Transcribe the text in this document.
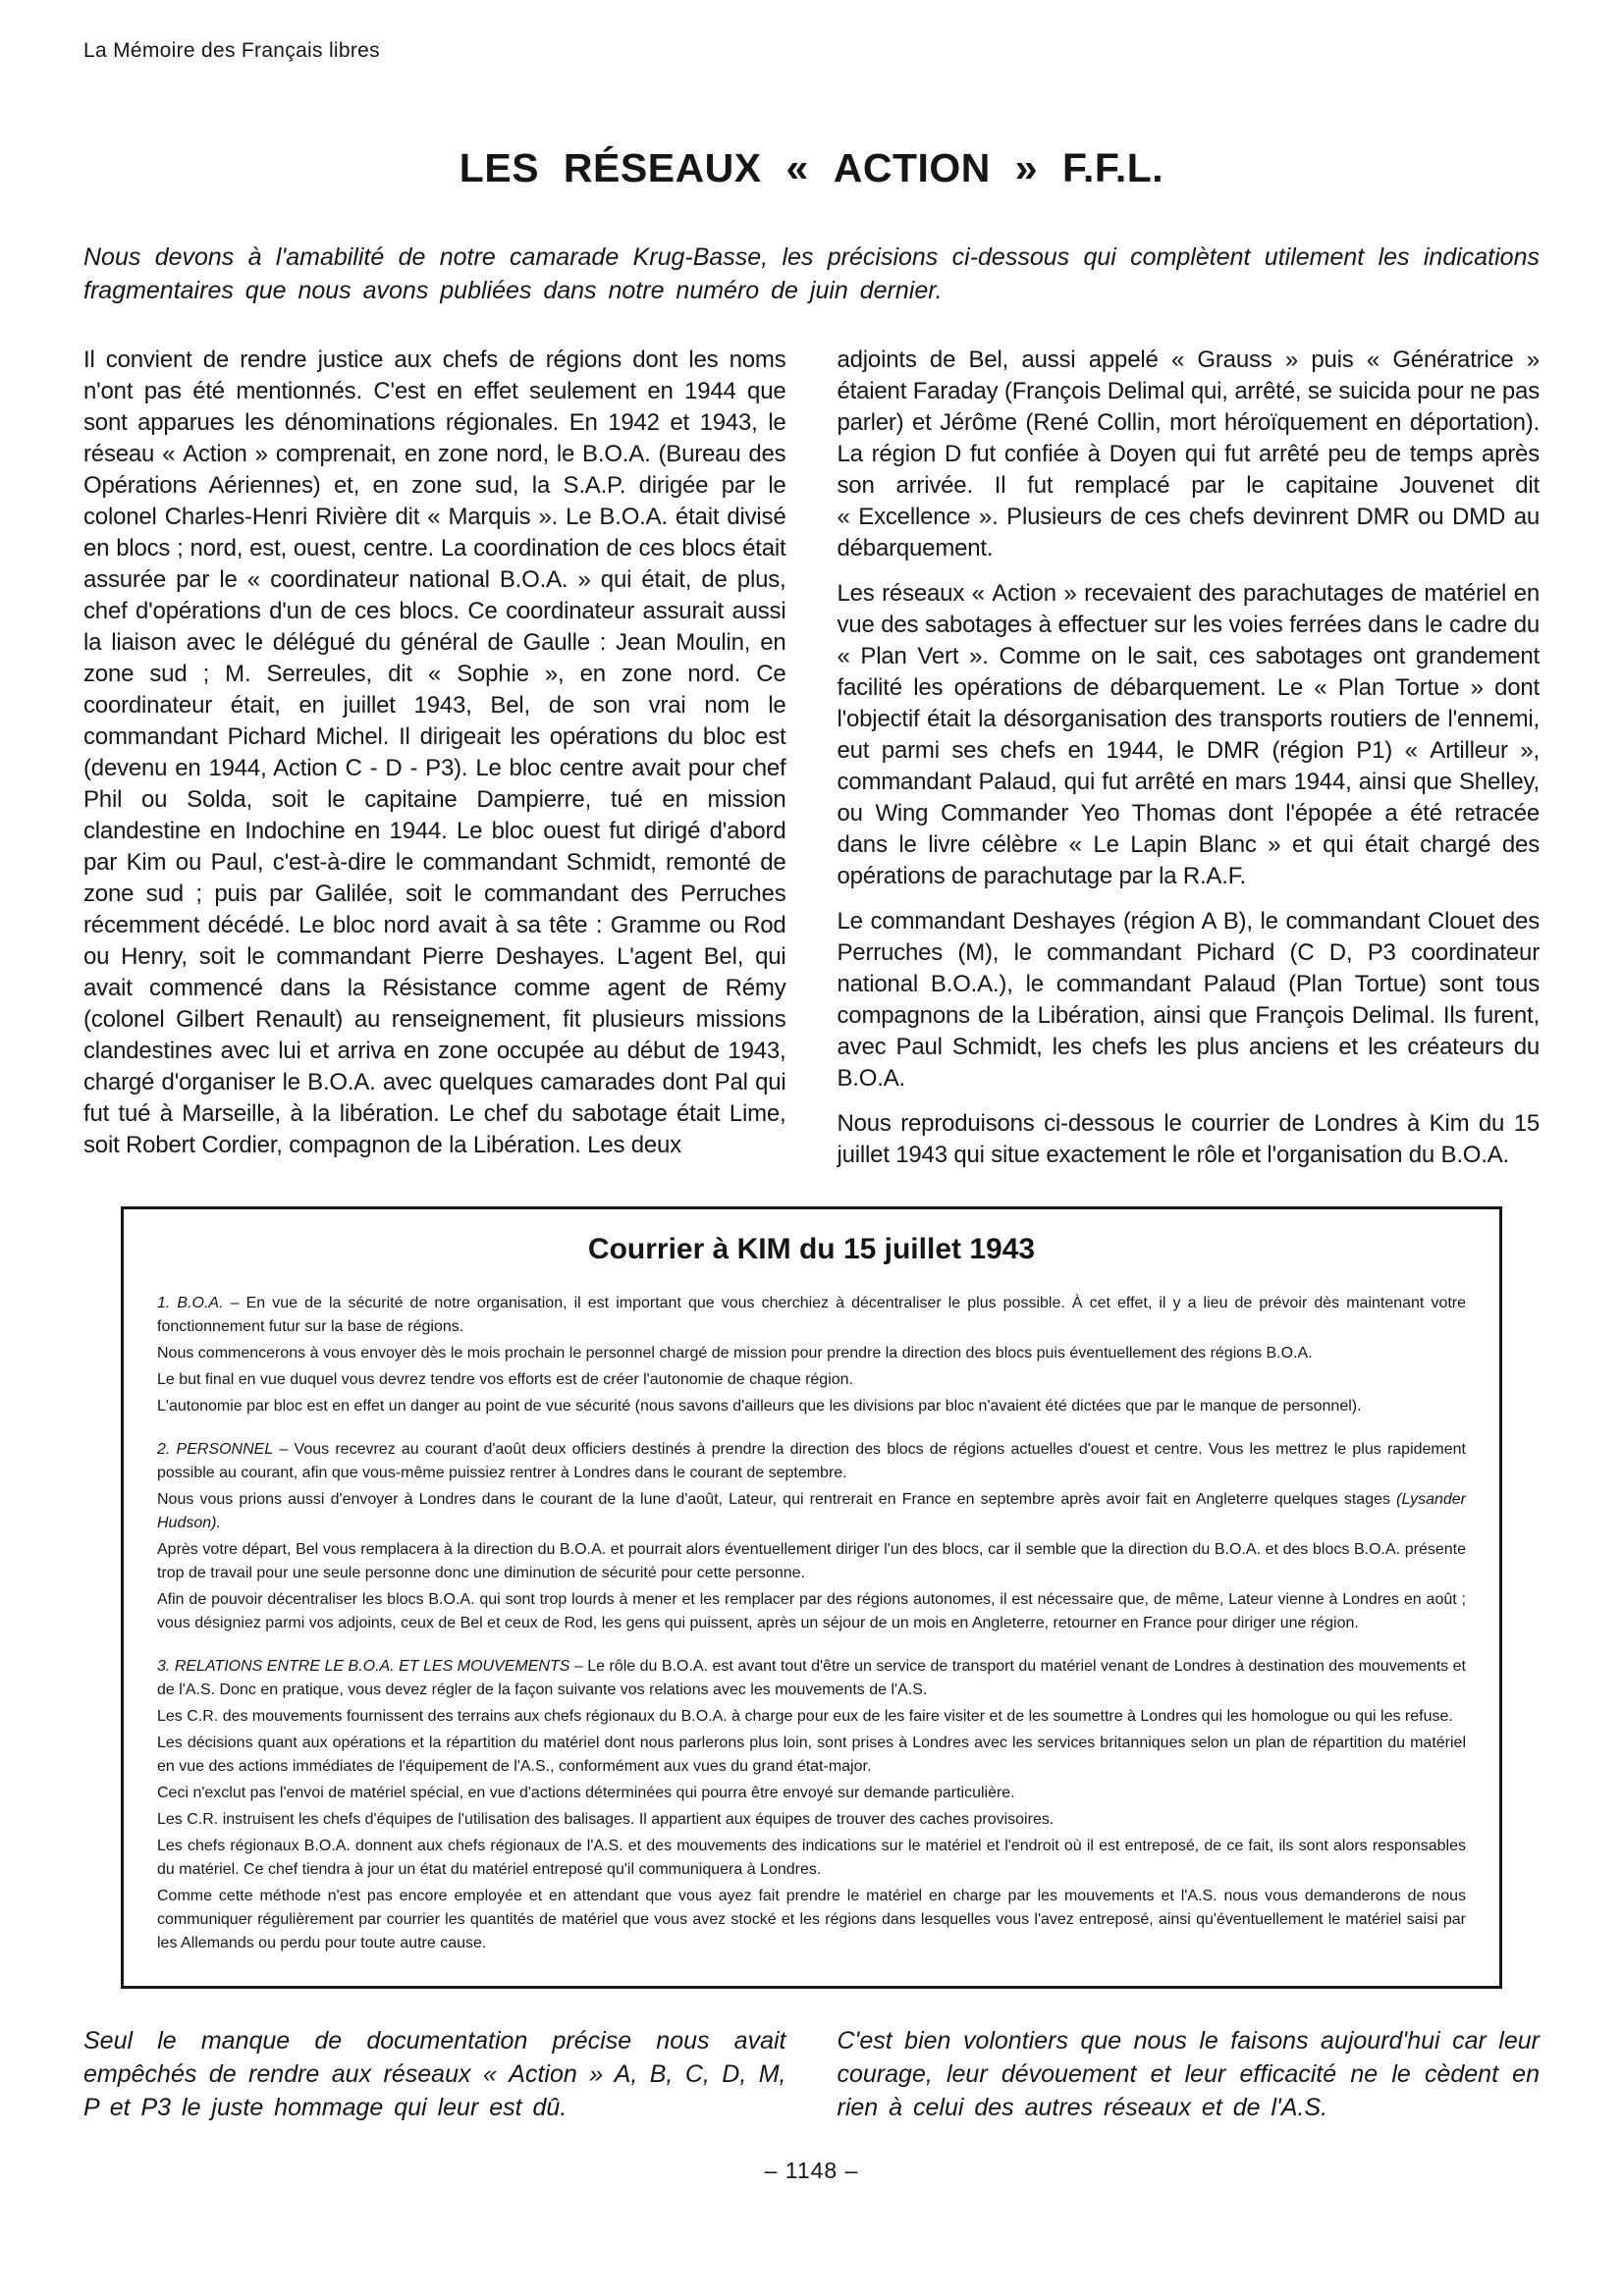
La Mémoire des Français libres
LES RÉSEAUX « ACTION » F.F.L.

Nous devons à l'amabilité de notre camarade Krug-Basse, les précisions ci-dessous qui complètent utilement les indications fragmentaires que nous avons publiées dans notre numéro de juin dernier.

Il convient de rendre justice aux chefs de régions dont les noms n'ont pas été mentionnés. C'est en effet seulement en 1944 que sont apparues les dénominations régionales. En 1942 et 1943, le réseau « Action » comprenait, en zone nord, le B.O.A. (Bureau des Opérations Aériennes) et, en zone sud, la S.A.P. dirigée par le colonel Charles-Henri Rivière dit « Marquis ». Le B.O.A. était divisé en blocs ; nord, est, ouest, centre. La coordination de ces blocs était assurée par le « coordinateur national B.O.A. » qui était, de plus, chef d'opérations d'un de ces blocs. Ce coordinateur assurait aussi la liaison avec le délégué du général de Gaulle : Jean Moulin, en zone sud ; M. Serreules, dit « Sophie », en zone nord. Ce coordinateur était, en juillet 1943, Bel, de son vrai nom le commandant Pichard Michel. Il dirigeait les opérations du bloc est (devenu en 1944, Action C - D - P3). Le bloc centre avait pour chef Phil ou Solda, soit le capitaine Dampierre, tué en mission clandestine en Indochine en 1944. Le bloc ouest fut dirigé d'abord par Kim ou Paul, c'est-à-dire le commandant Schmidt, remonté de zone sud ; puis par Galilée, soit le commandant des Perruches récemment décédé. Le bloc nord avait à sa tête : Gramme ou Rod ou Henry, soit le commandant Pierre Deshayes. L'agent Bel, qui avait commencé dans la Résistance comme agent de Rémy (colonel Gilbert Renault) au renseignement, fit plusieurs missions clandestines avec lui et arriva en zone occupée au début de 1943, chargé d'organiser le B.O.A. avec quelques camarades dont Pal qui fut tué à Marseille, à la libération. Le chef du sabotage était Lime, soit Robert Cordier, compagnon de la Libération. Les deux

adjoints de Bel, aussi appelé « Grauss » puis « Génératrice » étaient Faraday (François Delimal qui, arrêté, se suicida pour ne pas parler) et Jérôme (René Collin, mort héroïquement en déportation). La région D fut confiée à Doyen qui fut arrêté peu de temps après son arrivée. Il fut remplacé par le capitaine Jouvenet dit « Excellence ». Plusieurs de ces chefs devinrent DMR ou DMD au débarquement.

Les réseaux « Action » recevaient des parachutages de matériel en vue des sabotages à effectuer sur les voies ferrées dans le cadre du « Plan Vert ». Comme on le sait, ces sabotages ont grandement facilité les opérations de débarquement. Le « Plan Tortue » dont l'objectif était la désorganisation des transports routiers de l'ennemi, eut parmi ses chefs en 1944, le DMR (région P1) « Artilleur », commandant Palaud, qui fut arrêté en mars 1944, ainsi que Shelley, ou Wing Commander Yeo Thomas dont l'épopée a été retracée dans le livre célèbre « Le Lapin Blanc » et qui était chargé des opérations de parachutage par la R.A.F.

Le commandant Deshayes (région A B), le commandant Clouet des Perruches (M), le commandant Pichard (C D, P3 coordinateur national B.O.A.), le commandant Palaud (Plan Tortue) sont tous compagnons de la Libération, ainsi que François Delimal. Ils furent, avec Paul Schmidt, les chefs les plus anciens et les créateurs du B.O.A.

Nous reproduisons ci-dessous le courrier de Londres à Kim du 15 juillet 1943 qui situe exactement le rôle et l'organisation du B.O.A.

Courrier à KIM du 15 juillet 1943

1. B.O.A. – En vue de la sécurité de notre organisation, il est important que vous cherchiez à décentraliser le plus possible. À cet effet, il y a lieu de prévoir dès maintenant votre fonctionnement futur sur la base de régions.

Nous commencerons à vous envoyer dès le mois prochain le personnel chargé de mission pour prendre la direction des blocs puis éventuellement des régions B.O.A.

Le but final en vue duquel vous devrez tendre vos efforts est de créer l'autonomie de chaque région.

L'autonomie par bloc est en effet un danger au point de vue sécurité (nous savons d'ailleurs que les divisions par bloc n'avaient été dictées que par le manque de personnel).

2. PERSONNEL – Vous recevrez au courant d'août deux officiers destinés à prendre la direction des blocs de régions actuelles d'ouest et centre. Vous les mettrez le plus rapidement possible au courant, afin que vous-même puissiez rentrer à Londres dans le courant de septembre.

Nous vous prions aussi d'envoyer à Londres dans le courant de la lune d'août, Lateur, qui rentrerait en France en septembre après avoir fait en Angleterre quelques stages (Lysander Hudson).

Après votre départ, Bel vous remplacera à la direction du B.O.A. et pourrait alors éventuellement diriger l'un des blocs, car il semble que la direction du B.O.A. et des blocs B.O.A. présente trop de travail pour une seule personne donc une diminution de sécurité pour cette personne.

Afin de pouvoir décentraliser les blocs B.O.A. qui sont trop lourds à mener et les remplacer par des régions autonomes, il est nécessaire que, de même, Lateur vienne à Londres en août ; vous désigniez parmi vos adjoints, ceux de Bel et ceux de Rod, les gens qui puissent, après un séjour de un mois en Angleterre, retourner en France pour diriger une région.

3. RELATIONS ENTRE LE B.O.A. ET LES MOUVEMENTS – Le rôle du B.O.A. est avant tout d'être un service de transport du matériel venant de Londres à destination des mouvements et de l'A.S. Donc en pratique, vous devez régler de la façon suivante vos relations avec les mouvements de l'A.S.

Les C.R. des mouvements fournissent des terrains aux chefs régionaux du B.O.A. à charge pour eux de les faire visiter et de les soumettre à Londres qui les homologue ou qui les refuse.

Les décisions quant aux opérations et la répartition du matériel dont nous parlerons plus loin, sont prises à Londres avec les services britanniques selon un plan de répartition du matériel en vue des actions immédiates de l'équipement de l'A.S., conformément aux vues du grand état-major.

Ceci n'exclut pas l'envoi de matériel spécial, en vue d'actions déterminées qui pourra être envoyé sur demande particulière.

Les C.R. instruisent les chefs d'équipes de l'utilisation des balisages. Il appartient aux équipes de trouver des caches provisoires.

Les chefs régionaux B.O.A. donnent aux chefs régionaux de l'A.S. et des mouvements des indications sur le matériel et l'endroit où il est entreposé, de ce fait, ils sont alors responsables du matériel. Ce chef tiendra à jour un état du matériel entreposé qu'il communiquera à Londres.

Comme cette méthode n'est pas encore employée et en attendant que vous ayez fait prendre le matériel en charge par les mouvements et l'A.S. nous vous demanderons de nous communiquer régulièrement par courrier les quantités de matériel que vous avez stocké et les régions dans lesquelles vous l'avez entreposé, ainsi qu'éventuellement le matériel saisi par les Allemands ou perdu pour toute autre cause.

Seul le manque de documentation précise nous avait empêchés de rendre aux réseaux « Action » A, B, C, D, M, P et P3 le juste hommage qui leur est dû.

C'est bien volontiers que nous le faisons aujourd'hui car leur courage, leur dévouement et leur efficacité ne le cèdent en rien à celui des autres réseaux et de l'A.S.

– 1148 –
